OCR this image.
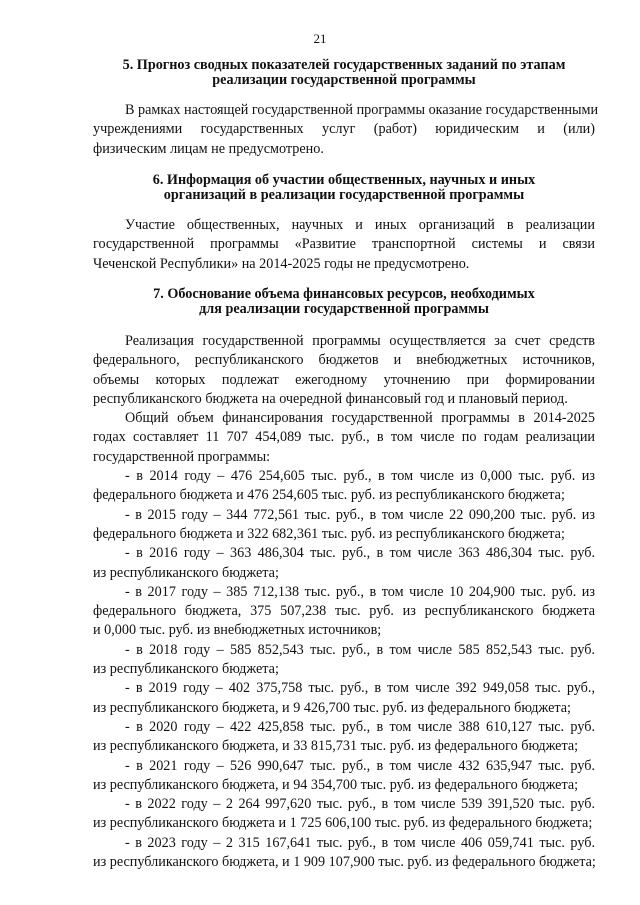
21
5. Прогноз сводных показателей государственных заданий по этапам
реализации государственной программы
В рамках настоящей государственной программы оказание государственными
учреждениями государственных услуг (работ) юридическим и (или)
физическим лицам не предусмотрено.
6. Информация об участии общественных, научных и иных
организаций в реализации государственной программы
Участие общественных, научных и иных организаций в реализации
государственной программы «Развитие транспортной системы и связи
Чеченской Республики» на 2014-2025 годы не предусмотрено.
7. Обоснование объема финансовых ресурсов, необходимых
для реализации государственной программы
Реализация государственной программы осуществляется за счет средств
федерального, республиканского бюджетов и внебюджетных источников,
объемы которых подлежат ежегодному уточнению при формировании
республиканского бюджета на очередной финансовый год и плановый период.
Общий объем финансирования государственной программы в 2014-2025
годах составляет 11 707 454,089 тыс. руб., в том числе по годам реализации
государственной программы:
- в 2014 году – 476 254,605 тыс. руб., в том числе из 0,000 тыс. руб. из
федерального бюджета и 476 254,605 тыс. руб. из республиканского бюджета;
- в 2015 году – 344 772,561 тыс. руб., в том числе 22 090,200 тыс. руб. из
федерального бюджета и 322 682,361 тыс. руб. из республиканского бюджета;
- в 2016 году – 363 486,304 тыс. руб., в том числе 363 486,304 тыс. руб.
из республиканского бюджета;
- в 2017 году – 385 712,138 тыс. руб., в том числе 10 204,900 тыс. руб. из
федерального бюджета, 375 507,238 тыс. руб. из республиканского бюджета
и 0,000 тыс. руб. из внебюджетных источников;
- в 2018 году – 585 852,543 тыс. руб., в том числе 585 852,543 тыс. руб.
из республиканского бюджета;
- в 2019 году – 402 375,758 тыс. руб., в том числе 392 949,058 тыс. руб.,
из республиканского бюджета, и 9 426,700 тыс. руб. из федерального бюджета;
- в 2020 году – 422 425,858 тыс. руб., в том числе 388 610,127 тыс. руб.
из республиканского бюджета, и 33 815,731 тыс. руб. из федерального бюджета;
- в 2021 году – 526 990,647 тыс. руб., в том числе 432 635,947 тыс. руб.
из республиканского бюджета, и 94 354,700 тыс. руб. из федерального бюджета;
- в 2022 году – 2 264 997,620 тыс. руб., в том числе 539 391,520 тыс. руб.
из республиканского бюджета и 1 725 606,100 тыс. руб. из федерального бюджета;
- в 2023 году – 2 315 167,641 тыс. руб., в том числе 406 059,741 тыс. руб.
из республиканского бюджета, и 1 909 107,900 тыс. руб. из федерального бюджета;
